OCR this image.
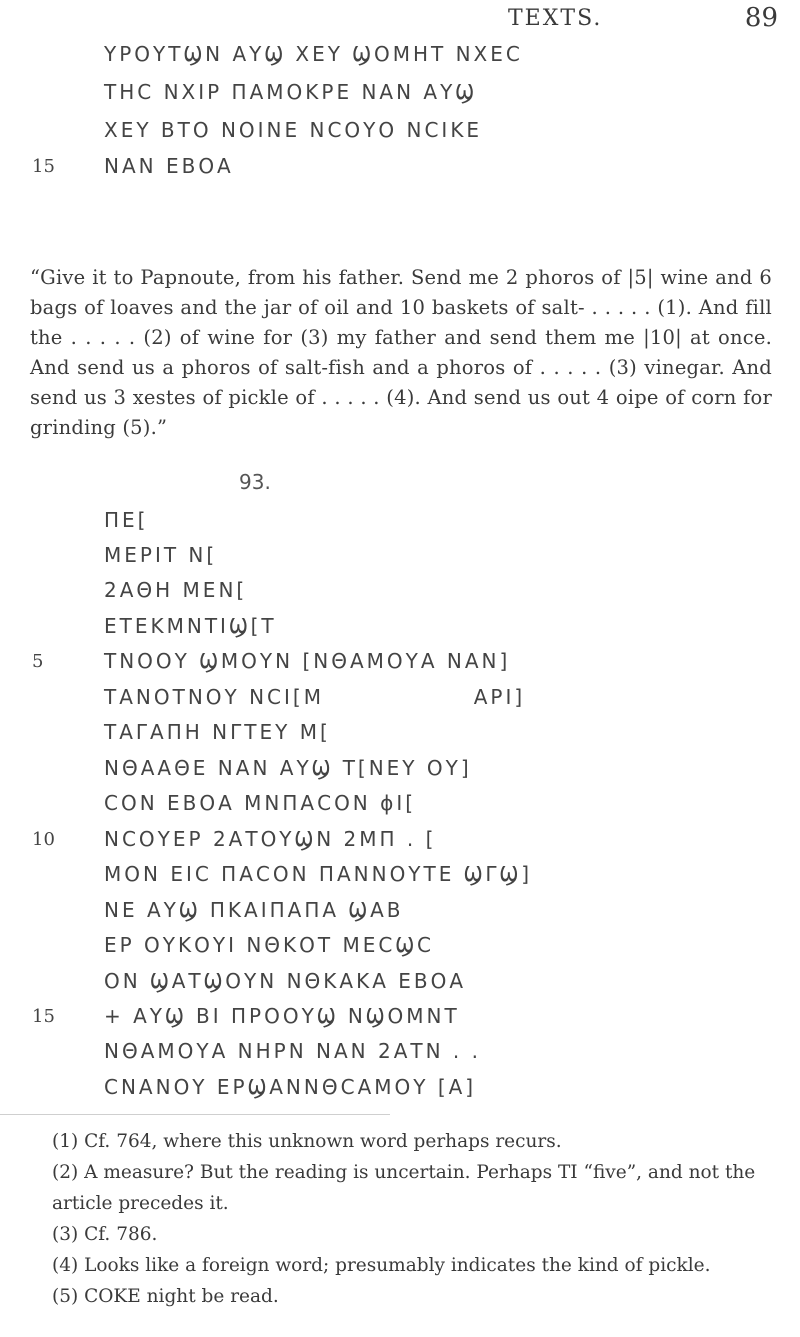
TEXTS.	89
ΥΡΟΥΤϢΝ ΑΥϢ ΧΕΥ ϢΟΜΗΤ ΝΧΕC
ΤΗC ΝΧΙΡ ΠΑΜΟΚΡΕ ΝΑΝ ΑΥϢ
ΧΕΥ ΒΤΟ ΝΟΙΝΕ ΝCΟΥΟ ΝCΙΚΕ
15 ΝΑΝ ΕΒΟΑ

“Give it to Papnoute, from his father. Send me 2 phoros of |5| wine and 6 bags of loaves and the jar of oil and 10 baskets of salt- . . . . . (1). And fill the . . . . . (2) of wine for (3) my father and send them me |10| at once. And send us a phoros of salt-fish and a phoros of . . . . . (3) vinegar. And send us 3 xestes of pickle of . . . . . (4). And send us out 4 oipe of corn for grinding (5).”

93.
ΠΕ[
ΜΕΡΙΤ Ν[
2ΑΘΗ ΜΕΝ[
ΕΤΕΚΜΝΤΙϢ[Τ
5	ΤΝΟΟΥ ϢΜΟΥΝ [ΝΘΑΜΟΥΑ ΝΑΝ]
ΤΑΝΟΤΝΟΥ ΝCΙ[Μ                ΑΡΙ]
ΤΑΓΑΠΗ ΝΓΤΕΥ Μ[
ΝΘΑΑΘΕ ΝΑΝ ΑΥϢ Τ[ΝΕΥ ΟΥ]
CΟΝ ΕΒΟΑ ΜΝΠΑCΟΝ ϕΙ[
10 ΝCΟΥΕΡ 2ΑΤΟΥϢΝ 2ΜΠ . [
ΜΟΝ ΕΙC ΠΑCΟΝ ΠΑΝΝΟΥΤΕ ϢΓϢ]
ΝΕ ΑΥϢ ΠΚΑΙΠΑΠΑ ϢΑΒ
ΕΡ ΟΥΚΟΥΙ ΝΘΚΟΤ ΜΕCϢC
ΟΝ ϢΑΤϢΟΥΝ ΝΘΚΑΚΑ ΕΒΟΑ
15 + ΑΥϢ ΒΙ ΠΡΟΟΥϢ ΝϢΟΜΝΤ
ΝΘΑΜΟΥΑ ΝΗΡΝ ΝΑΝ 2ΑΤΝ . .
CΝΑΝΟΥ ΕΡϢΑΝΝΘCΑΜΟΥ [Α]

(1) Cf. 764, where this unknown word perhaps recurs.

(2) A measure? But the reading is uncertain. Perhaps ΤΙ “five”, and not the article precedes it.

(3) Cf. 786.

(4) Looks like a foreign word; presumably indicates the kind of pickle.

(5) COKE night be read.
